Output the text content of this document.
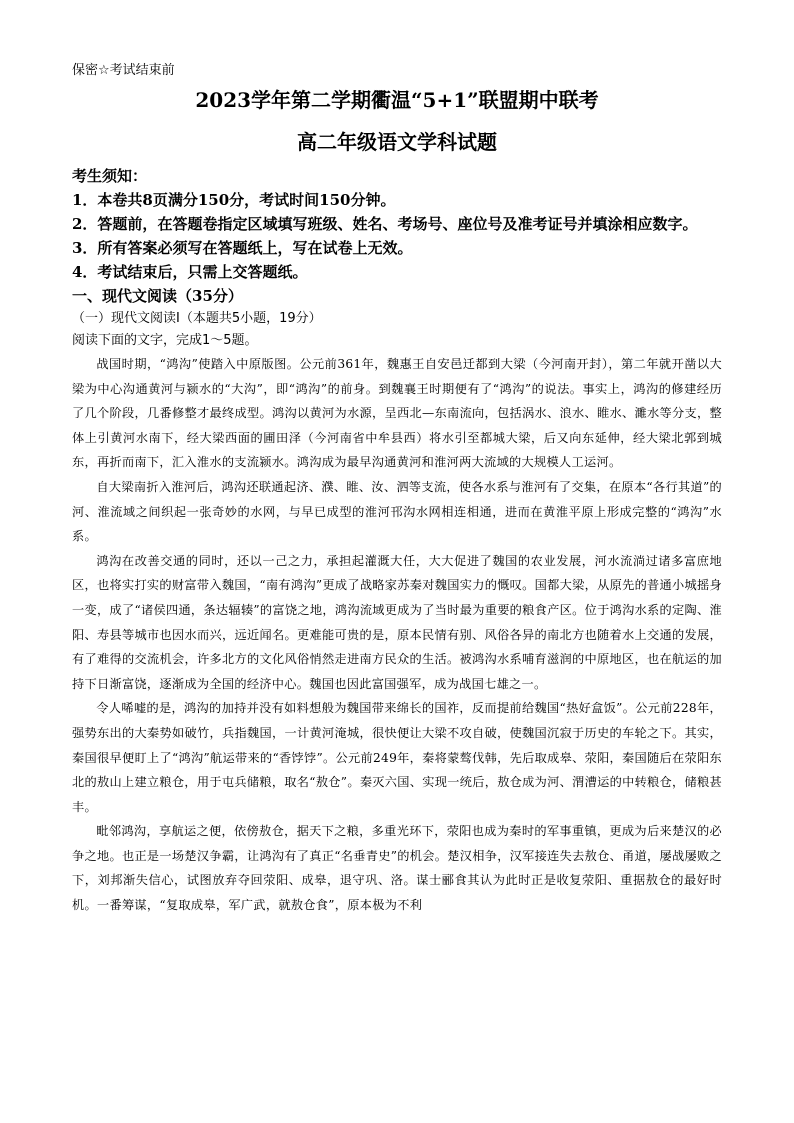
保密☆考试结束前
2023学年第二学期衢温“5+1”联盟期中联考
高二年级语文学科试题
考生须知：
1．本卷共8页满分150分，考试时间150分钟。
2．答题前，在答题卷指定区域填写班级、姓名、考场号、座位号及准考证号并填涂相应数字。
3．所有答案必须写在答题纸上，写在试卷上无效。
4．考试结束后，只需上交答题纸。
一、现代文阅读（35分）
（一）现代文阅读Ⅰ（本题共5小题，19分）
阅读下面的文字，完成1～5题。

战国时期，“鸿沟”使踏入中原版图。公元前361年，魏惠王自安邑迁都到大梁（今河南开封），第二年就开凿以大梁为中心沟通黄河与颍水的“大沟”，即“鸿沟”的前身。到魏襄王时期便有了“鸿沟”的说法。事实上，鸿沟的修建经历了几个阶段，几番修整才最终成型。鸿沟以黄河为水源，呈西北—东南流向，包括涡水、浪水、睢水、濉水等分支，整体上引黄河水南下，经大梁西面的圃田泽（今河南省中牟县西）将水引至都城大梁，后又向东延伸，经大梁北郭到城东，再折而南下，汇入淮水的支流颍水。鸿沟成为最早沟通黄河和淮河两大流域的大规模人工运河。

自大梁南折入淮河后，鸿沟还联通起济、濮、睢、汝、泗等支流，使各水系与淮河有了交集，在原本“各行其道”的河、淮流域之间织起一张奇妙的水网，与早已成型的淮河邗沟水网相连相通，进而在黄淮平原上形成完整的“鸿沟”水系。

鸿沟在改善交通的同时，还以一己之力，承担起灌溉大任，大大促进了魏国的农业发展，河水流淌过诸多富庶地区，也将实打实的财富带入魏国，“南有鸿沟”更成了战略家苏秦对魏国实力的慨叹。国都大梁，从原先的普通小城摇身一变，成了“诸侯四通，条达辐辏”的富饶之地，鸿沟流域更成为了当时最为重要的粮食产区。位于鸿沟水系的定陶、淮阳、寿县等城市也因水而兴，远近闻名。更难能可贵的是，原本民情有别、风俗各异的南北方也随着水上交通的发展，有了难得的交流机会，许多北方的文化风俗悄然走进南方民众的生活。被鸿沟水系哺育滋润的中原地区，也在航运的加持下日渐富饶，逐渐成为全国的经济中心。魏国也因此富国强军，成为战国七雄之一。

令人唏嘘的是，鸿沟的加持并没有如料想般为魏国带来绵长的国祚，反而提前给魏国“热好盒饭”。公元前228年，强势东出的大秦势如破竹，兵指魏国，一计黄河淹城，很快便让大梁不攻自破，使魏国沉寂于历史的车轮之下。其实，秦国很早便盯上了“鸿沟”航运带来的“香饽饽”。公元前249年，秦将蒙骜伐韩，先后取成皋、荥阳，秦国随后在荥阳东北的敖山上建立粮仓，用于屯兵储粮，取名“敖仓”。秦灭六国、实现一统后，敖仓成为河、渭漕运的中转粮仓，储粮甚丰。

毗邻鸿沟，享航运之便，依傍敖仓，据天下之粮，多重光环下，荥阳也成为秦时的军事重镇，更成为后来楚汉的必争之地。也正是一场楚汉争霸，让鸿沟有了真正“名垂青史”的机会。楚汉相争，汉军接连失去敖仓、甬道，屡战屡败之下，刘邦渐失信心，试图放弃夺回荥阳、成皋，退守巩、洛。谋士郦食其认为此时正是收复荥阳、重据敖仓的最好时机。一番筹谋，“复取成皋，军广武，就敖仓食”，原本极为不利
